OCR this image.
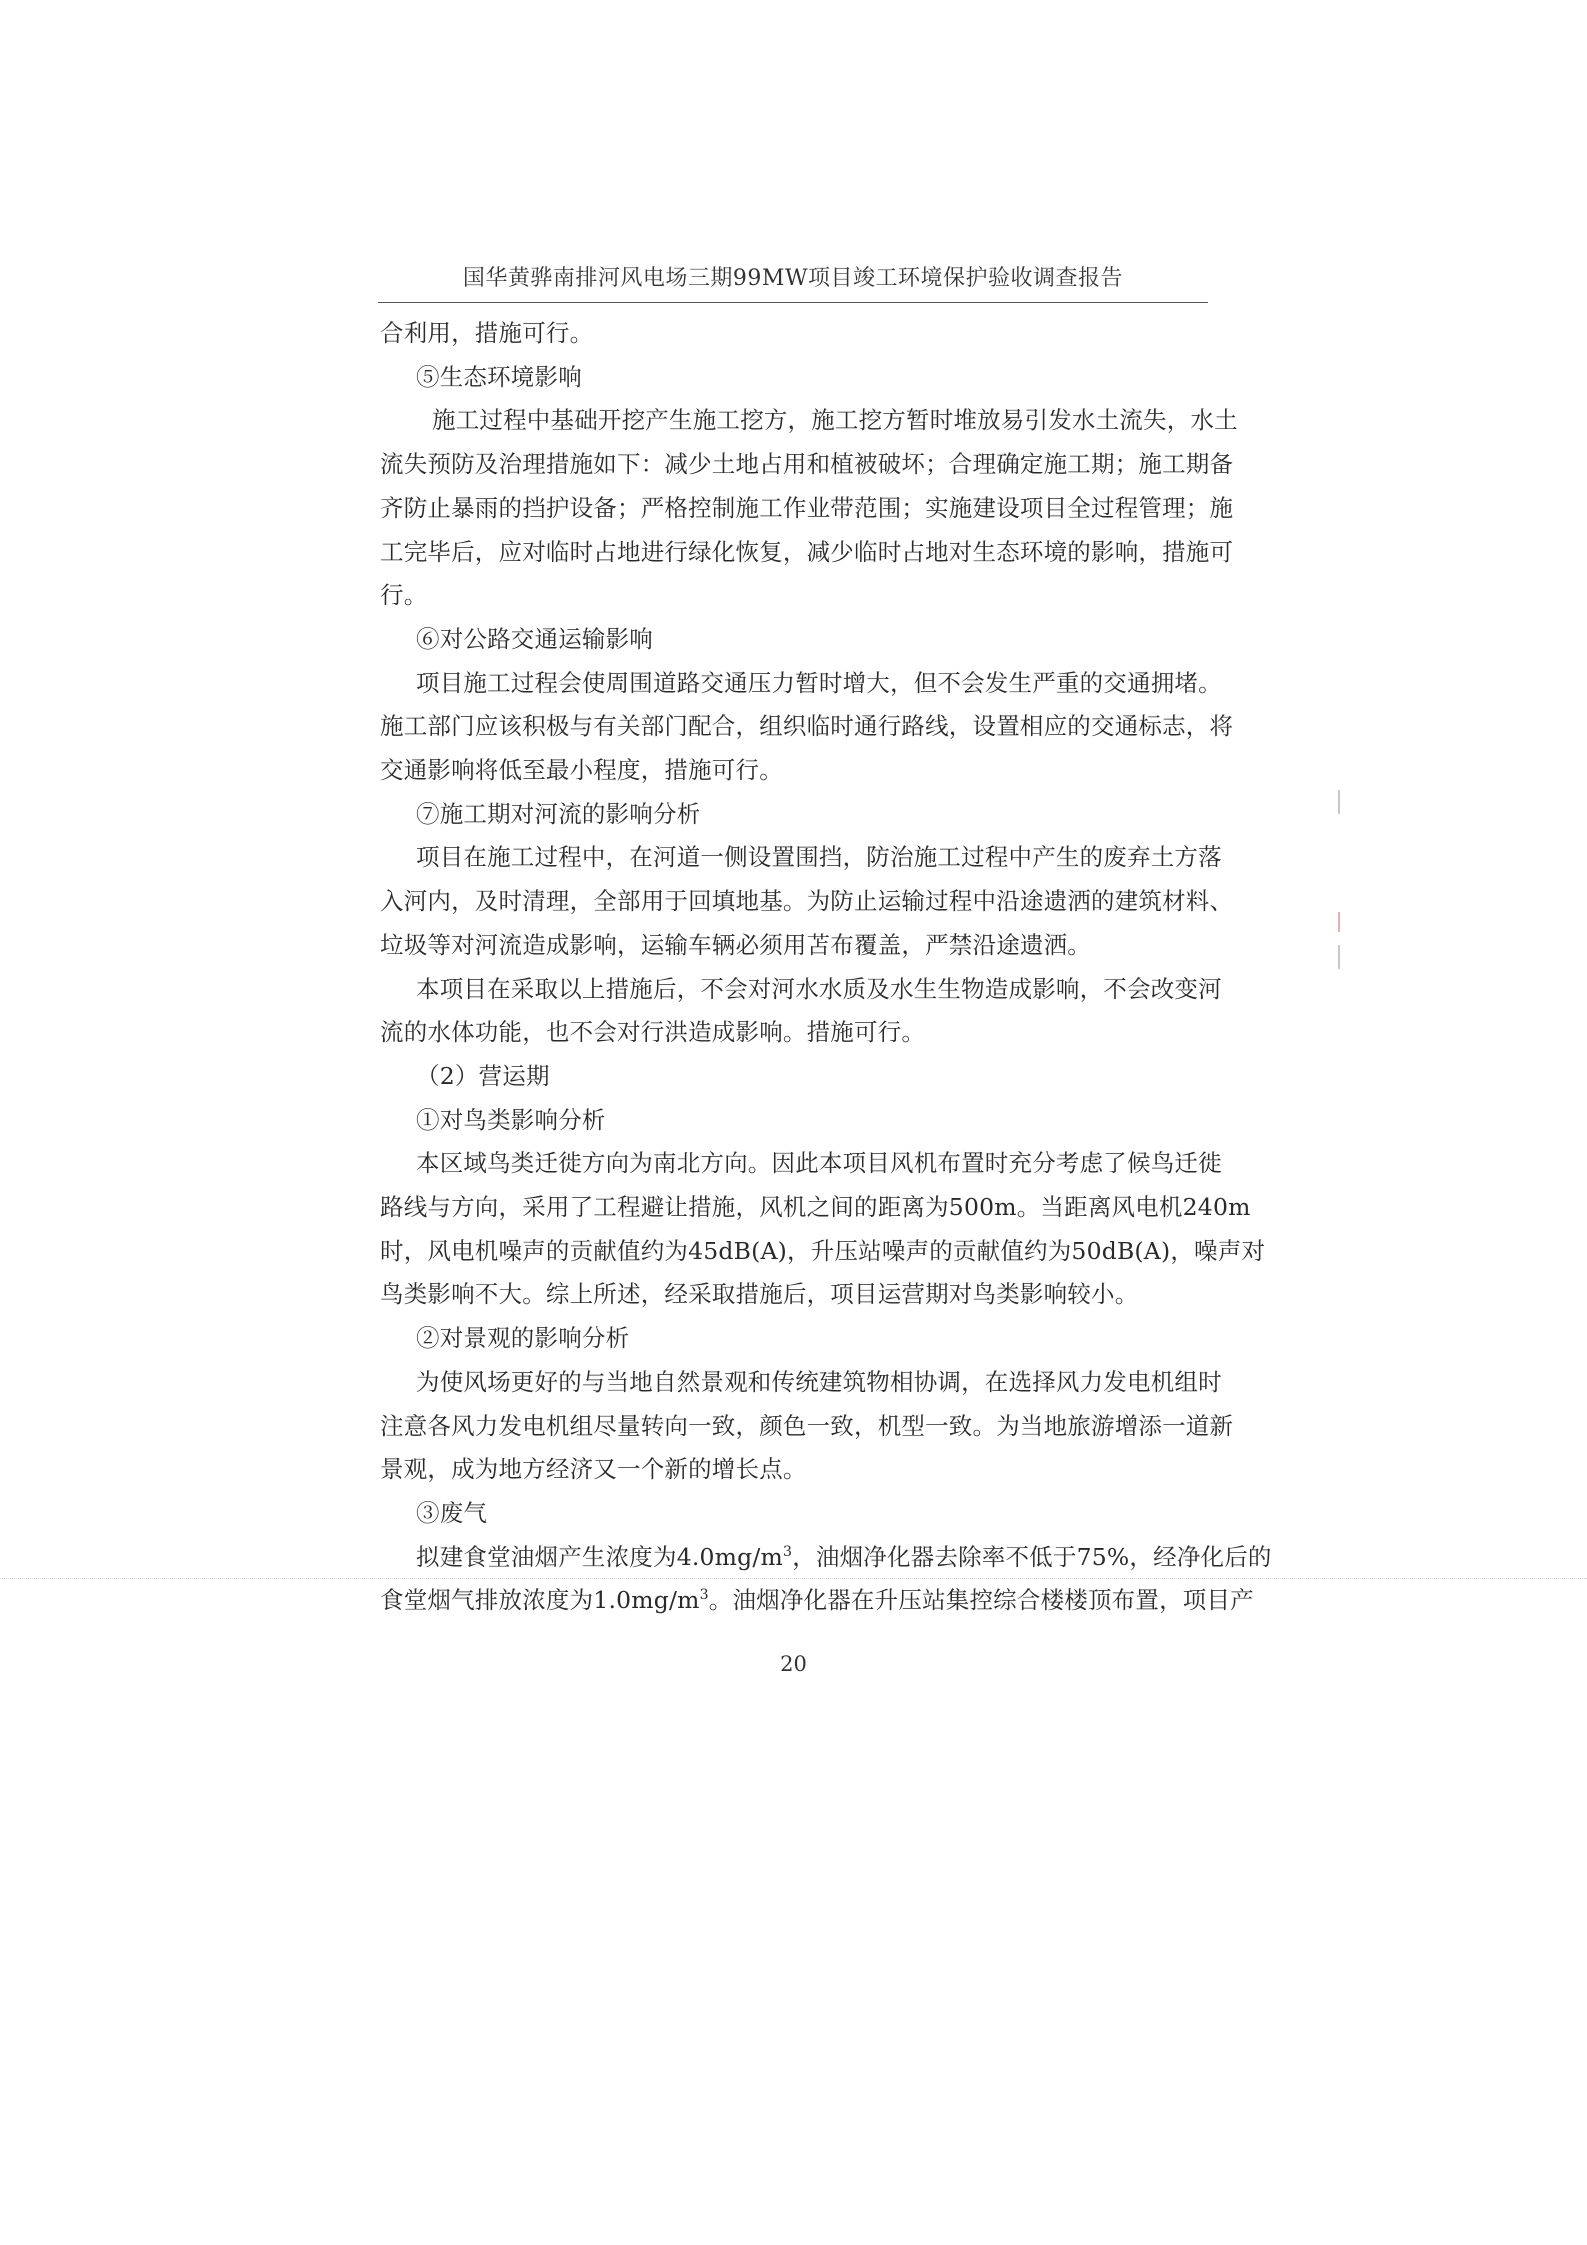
国华黄骅南排河风电场三期99MW项目竣工环境保护验收调查报告
合利用，措施可行。
⑤生态环境影响
施工过程中基础开挖产生施工挖方，施工挖方暂时堆放易引发水土流失，水土
流失预防及治理措施如下：减少土地占用和植被破坏；合理确定施工期；施工期备
齐防止暴雨的挡护设备；严格控制施工作业带范围；实施建设项目全过程管理；施
工完毕后，应对临时占地进行绿化恢复，减少临时占地对生态环境的影响，措施可
行。
⑥对公路交通运输影响
项目施工过程会使周围道路交通压力暂时增大，但不会发生严重的交通拥堵。
施工部门应该积极与有关部门配合，组织临时通行路线，设置相应的交通标志，将
交通影响将低至最小程度，措施可行。
⑦施工期对河流的影响分析
项目在施工过程中，在河道一侧设置围挡，防治施工过程中产生的废弃土方落
入河内，及时清理，全部用于回填地基。为防止运输过程中沿途遗洒的建筑材料、
垃圾等对河流造成影响，运输车辆必须用苫布覆盖，严禁沿途遗洒。
本项目在采取以上措施后，不会对河水水质及水生生物造成影响，不会改变河
流的水体功能，也不会对行洪造成影响。措施可行。
（2）营运期
①对鸟类影响分析
本区域鸟类迁徙方向为南北方向。因此本项目风机布置时充分考虑了候鸟迁徙
路线与方向，采用了工程避让措施，风机之间的距离为500m。当距离风电机240m
时，风电机噪声的贡献值约为45dB(A)，升压站噪声的贡献值约为50dB(A)，噪声对
鸟类影响不大。综上所述，经采取措施后，项目运营期对鸟类影响较小。
②对景观的影响分析
为使风场更好的与当地自然景观和传统建筑物相协调，在选择风力发电机组时
注意各风力发电机组尽量转向一致，颜色一致，机型一致。为当地旅游增添一道新
景观，成为地方经济又一个新的增长点。
③废气
拟建食堂油烟产生浓度为$4.0mg/m^3$，油烟净化器去除率不低于75%，经净化后的
食堂烟气排放浓度为$1.0mg/m^3$。油烟净化器在升压站集控综合楼楼顶布置，项目产
20
